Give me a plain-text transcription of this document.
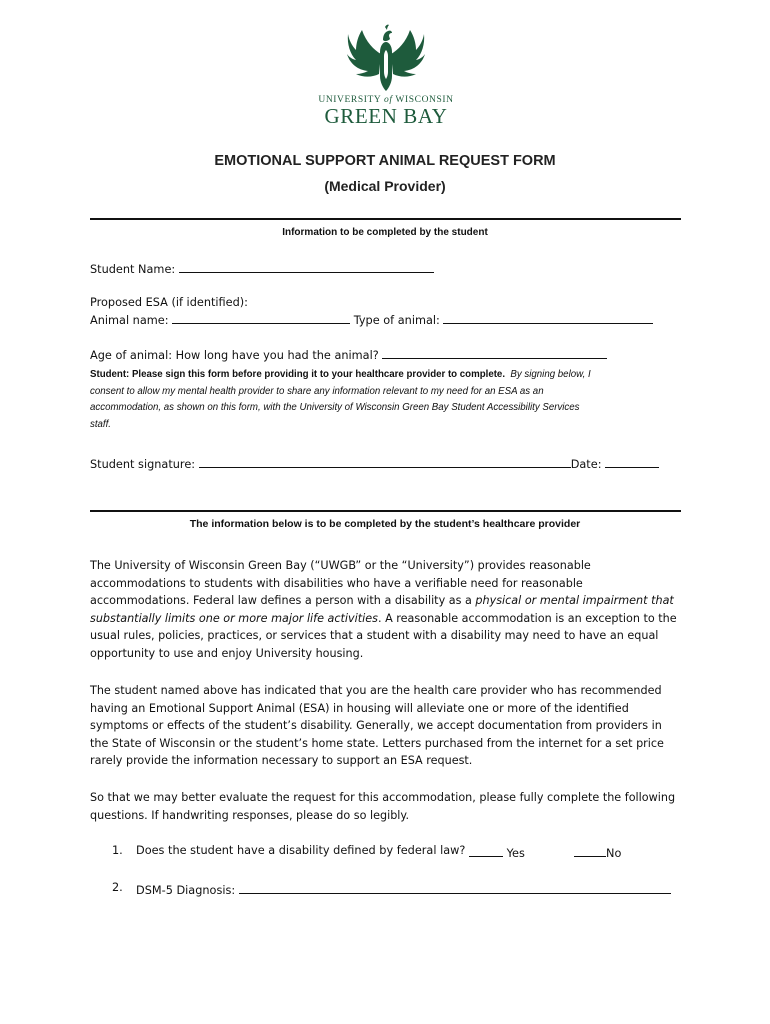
UNIVERSITY of WISCONSIN
GREEN BAY
EMOTIONAL SUPPORT ANIMAL REQUEST FORM
(Medical Provider)
Information to be completed by the student
Student Name:
Proposed ESA (if identified):
Animal name:	Type of animal:
Age of animal: How long have you had the animal?
Student: Please sign this form before providing it to your healthcare provider to complete. By signing below, I
consent to allow my mental health provider to share any information relevant to my need for an ESA as an
accommodation, as shown on this form, with the University of Wisconsin Green Bay Student Accessibility Services
staff.
Student signature:	Date:
The information below is to be completed by the student’s healthcare provider
The University of Wisconsin Green Bay (“UWGB” or the “University”) provides reasonable
accommodations to students with disabilities who have a verifiable need for reasonable
accommodations. Federal law defines a person with a disability as a physical or mental impairment that
substantially limits one or more major life activities. A reasonable accommodation is an exception to the
usual rules, policies, practices, or services that a student with a disability may need to have an equal
opportunity to use and enjoy University housing.
The student named above has indicated that you are the health care provider who has recommended
having an Emotional Support Animal (ESA) in housing will alleviate one or more of the identified
symptoms or effects of the student’s disability. Generally, we accept documentation from providers in
the State of Wisconsin or the student’s home state. Letters purchased from the internet for a set price
rarely provide the information necessary to support an ESA request.
So that we may better evaluate the request for this accommodation, please fully complete the following
questions. If handwriting responses, please do so legibly.
1. Does the student have a disability defined by federal law?	Yes	No
2. DSM-5 Diagnosis:
